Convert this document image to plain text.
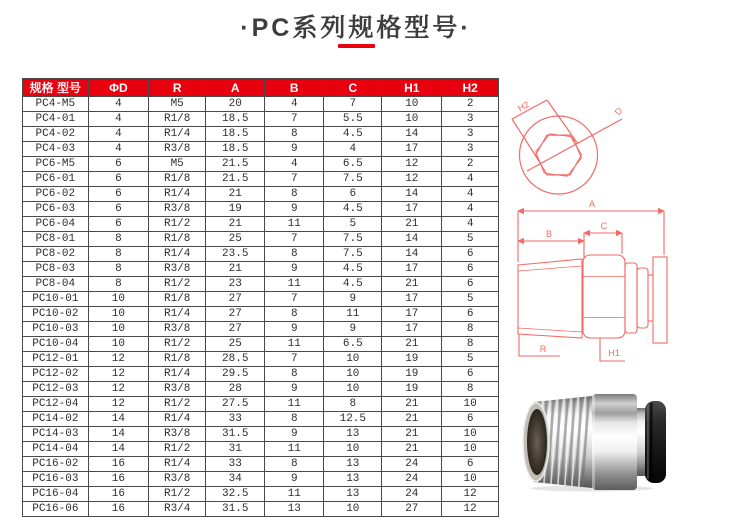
·PC系列规格型号·
规格 型号	ΦD	R	A	B	C	H1	H2
PC4-M5	4	M5	20	4	7	10	2
PC4-01	4	R1/8	18.5	7	5.5	10	3
PC4-02	4	R1/4	18.5	8	4.5	14	3
PC4-03	4	R3/8	18.5	9	4	17	3
PC6-M5	6	M5	21.5	4	6.5	12	2
PC6-01	6	R1/8	21.5	7	7.5	12	4
PC6-02	6	R1/4	21	8	6	14	4
PC6-03	6	R3/8	19	9	4.5	17	4
PC6-04	6	R1/2	21	11	5	21	4
PC8-01	8	R1/8	25	7	7.5	14	5
PC8-02	8	R1/4	23.5	8	7.5	14	6
PC8-03	8	R3/8	21	9	4.5	17	6
PC8-04	8	R1/2	23	11	4.5	21	6
PC10-01	10	R1/8	27	7	9	17	5
PC10-02	10	R1/4	27	8	11	17	6
PC10-03	10	R3/8	27	9	9	17	8
PC10-04	10	R1/2	25	11	6.5	21	8
PC12-01	12	R1/8	28.5	7	10	19	5
PC12-02	12	R1/4	29.5	8	10	19	6
PC12-03	12	R3/8	28	9	10	19	8
PC12-04	12	R1/2	27.5	11	8	21	10
PC14-02	14	R1/4	33	8	12.5	21	6
PC14-03	14	R3/8	31.5	9	13	21	10
PC14-04	14	R1/2	31	11	10	21	10
PC16-02	16	R1/4	33	8	13	24	6
PC16-03	16	R3/8	34	9	13	24	10
PC16-04	16	R1/2	32.5	11	13	24	12
PC16-06	16	R3/4	31.5	13	10	27	12
H2	D
A
C
B
R	H1
